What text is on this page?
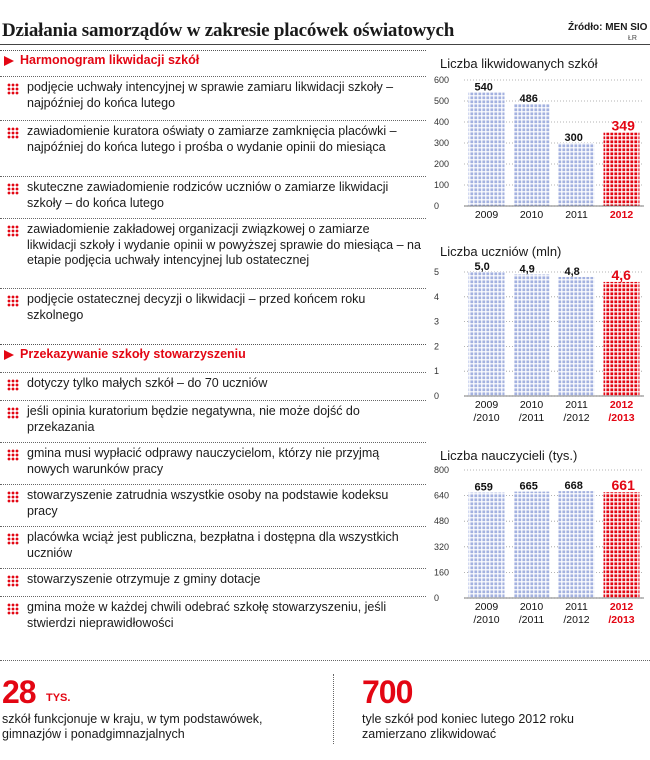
Działania samorządów w zakresie placówek oświatowych	Źródło: MEN SIO
ŁR
Harmonogram likwidacji szkół
podjęcie uchwały intencyjnej w sprawie zamiaru likwidacji szkoły – najpóźniej do końca lutego
zawiadomienie kuratora oświaty o zamiarze zamknięcia placówki – najpóźniej do końca lutego i prośba o wydanie opinii do miesiąca
skuteczne zawiadomienie rodziców uczniów o zamiarze likwidacji szkoły – do końca lutego
zawiadomienie zakładowej organizacji związkowej o zamiarze likwidacji szkoły i wydanie opinii w powyższej sprawie do miesiąca – na etapie podjęcia uchwały intencyjnej lub ostatecznej
podjęcie ostatecznej decyzji o likwidacji – przed końcem roku szkolnego
Przekazywanie szkoły stowarzyszeniu
dotyczy tylko małych szkół – do 70 uczniów
jeśli opinia kuratorium będzie negatywna, nie może dojść do przekazania
gmina musi wypłacić odprawy nauczycielom, którzy nie przyjmą nowych warunków pracy
stowarzyszenie zatrudnia wszystkie osoby na podstawie kodeksu pracy
placówka wciąż jest publiczna, bezpłatna i dostępna dla wszystkich uczniów
stowarzyszenie otrzymuje z gminy dotacje
gmina może w każdej chwili odebrać szkołę stowarzyszeniu, jeśli stwierdzi nieprawidłowości
Liczba likwidowanych szkół
0
100
200
300
400
500
600
540
2009
486
2010
300
2011
349
2012
Liczba uczniów (mln)
0
1
2
3
4
5	5,0
2009
/2010
4,9
2010
/2011
4,8
2011
/2012
4,6
2012
/2013
Liczba nauczycieli (tys.)
0
160
320
480
640
800
659
2009
/2010
665
2010
/2011
668
2011
/2012
661
2012
/2013
28 TYS.
szkół funkcjonuje w kraju, w tym podstawówek,
gimnazjów i ponadgimnazjalnych
700
tyle szkół pod koniec lutego 2012 roku
zamierzano zlikwidować
